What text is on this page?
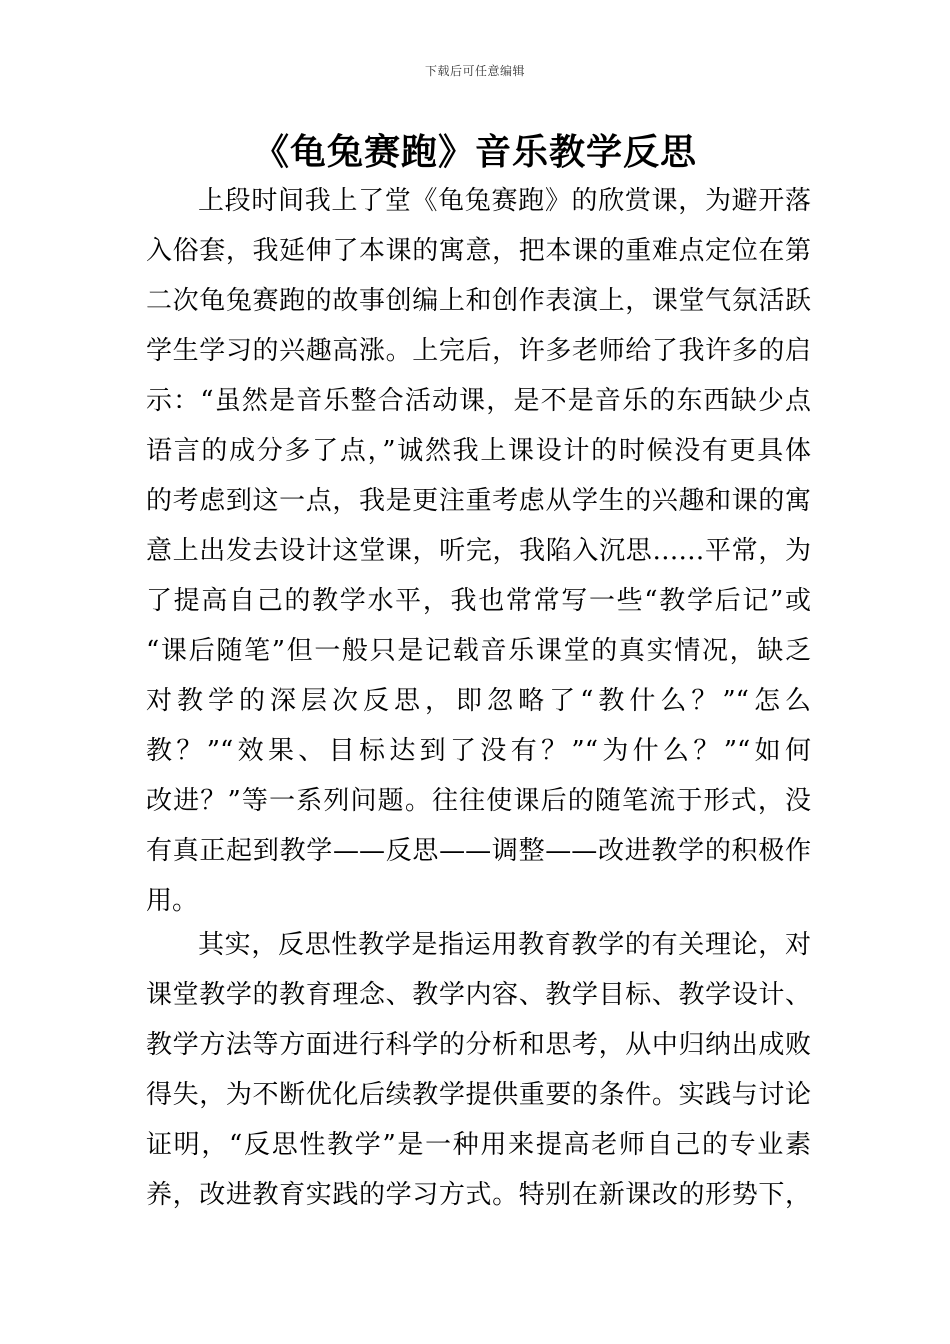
下载后可任意编辑
《龟兔赛跑》音乐教学反思
上段时间我上了堂《龟兔赛跑》的欣赏课，为避开落
入俗套，我延伸了本课的寓意，把本课的重难点定位在第
二次龟兔赛跑的故事创编上和创作表演上，课堂气氛活跃
学生学习的兴趣高涨。上完后，许多老师给了我许多的启
示：“虽然是音乐整合活动课，是不是音乐的东西缺少点
语言的成分多了点，”诚然我上课设计的时候没有更具体
的考虑到这一点，我是更注重考虑从学生的兴趣和课的寓
意上出发去设计这堂课，听完，我陷入沉思……平常，为
了提高自己的教学水平，我也常常写一些“教学后记”或
“课后随笔”但一般只是记载音乐课堂的真实情况，缺乏
对教学的深层次反思，即忽略了“教什么？”“怎么
教？”“效果、目标达到了没有？”“为什么？”“如何
改进？”等一系列问题。往往使课后的随笔流于形式，没
有真正起到教学——反思——调整——改进教学的积极作
用。
其实，反思性教学是指运用教育教学的有关理论，对
课堂教学的教育理念、教学内容、教学目标、教学设计、
教学方法等方面进行科学的分析和思考，从中归纳出成败
得失，为不断优化后续教学提供重要的条件。实践与讨论
证明，“反思性教学”是一种用来提高老师自己的专业素
养，改进教育实践的学习方式。特别在新课改的形势下，
